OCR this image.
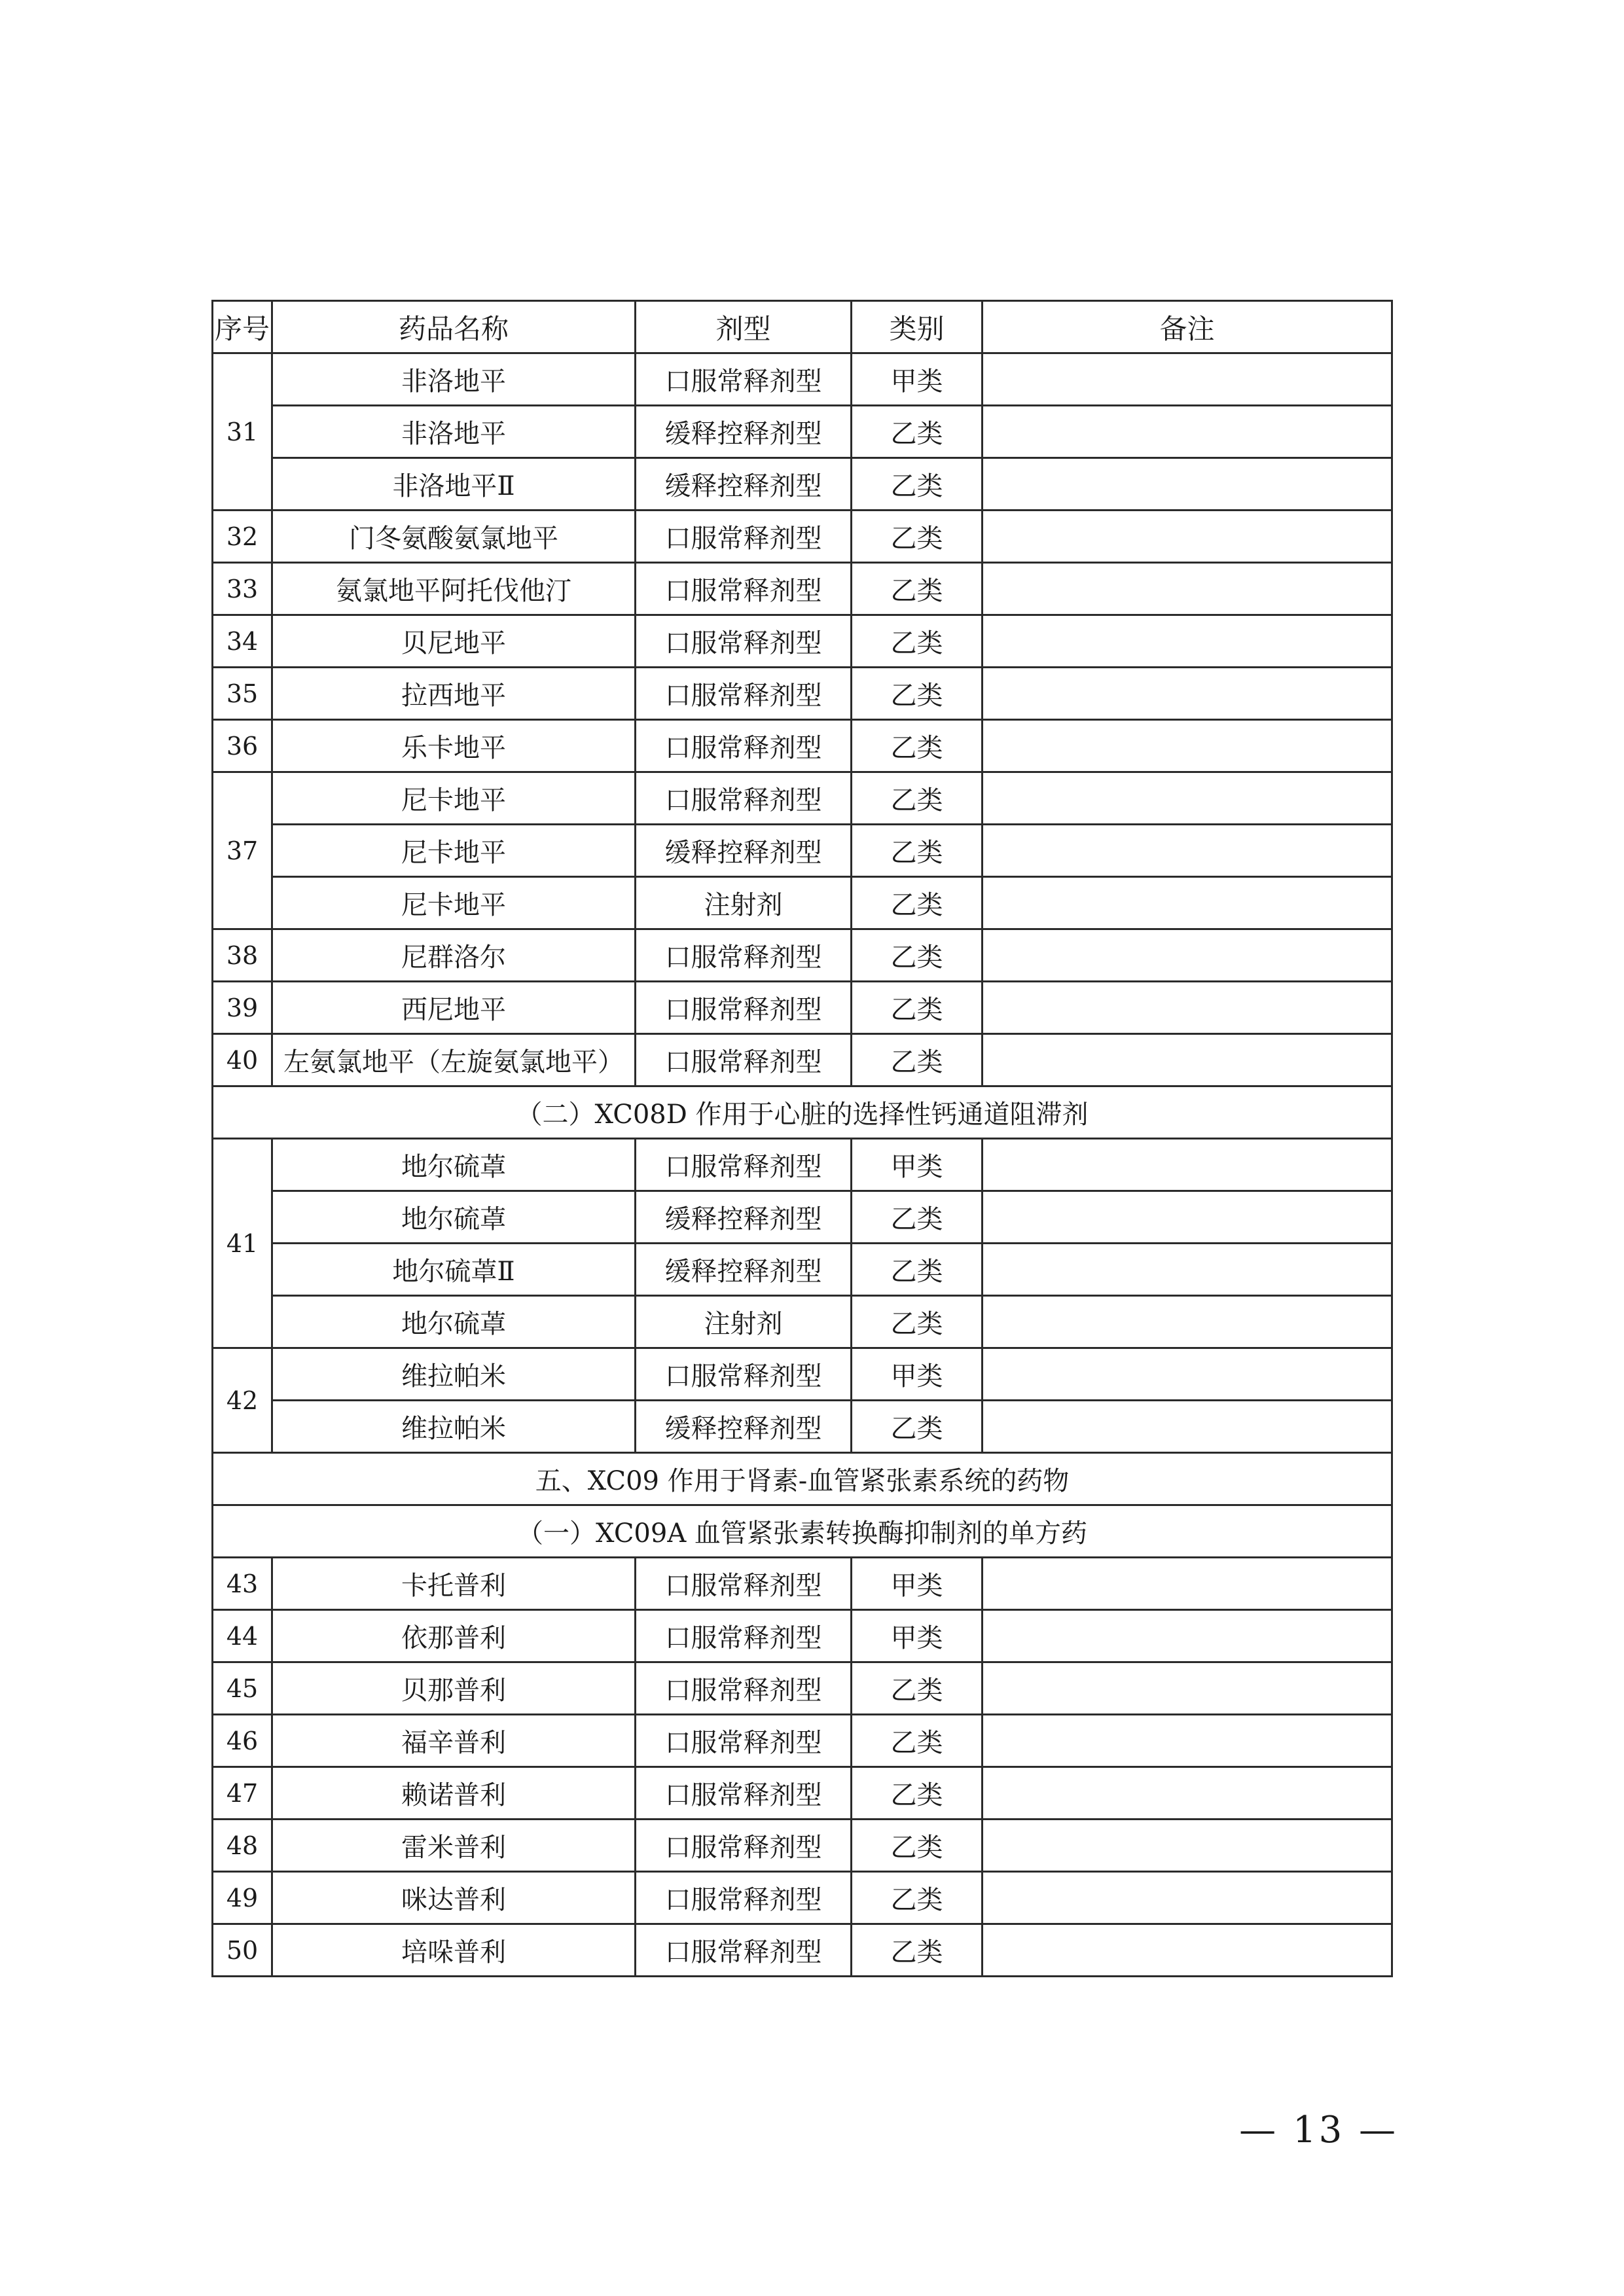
序号	药品名称	剂型	类别	备注
31	非洛地平	口服常释剂型	甲类	
	非洛地平	缓释控释剂型	乙类	
	非洛地平Ⅱ	缓释控释剂型	乙类	
32	门冬氨酸氨氯地平	口服常释剂型	乙类	
33	氨氯地平阿托伐他汀	口服常释剂型	乙类	
34	贝尼地平	口服常释剂型	乙类	
35	拉西地平	口服常释剂型	乙类	
36	乐卡地平	口服常释剂型	乙类	
37	尼卡地平	口服常释剂型	乙类	
	尼卡地平	缓释控释剂型	乙类	
	尼卡地平	注射剂	乙类	
38	尼群洛尔	口服常释剂型	乙类	
39	西尼地平	口服常释剂型	乙类	
40	左氨氯地平（左旋氨氯地平）	口服常释剂型	乙类	
（二）XC08D 作用于心脏的选择性钙通道阻滞剂				
41	地尔硫䓬	口服常释剂型	甲类	
	地尔硫䓬	缓释控释剂型	乙类	
	地尔硫䓬Ⅱ	缓释控释剂型	乙类	
	地尔硫䓬	注射剂	乙类	
42	维拉帕米	口服常释剂型	甲类	
	维拉帕米	缓释控释剂型	乙类	
五、XC09 作用于肾素-血管紧张素系统的药物				
（一）XC09A 血管紧张素转换酶抑制剂的单方药				
43	卡托普利	口服常释剂型	甲类	
44	依那普利	口服常释剂型	甲类	
45	贝那普利	口服常释剂型	乙类	
46	福辛普利	口服常释剂型	乙类	
47	赖诺普利	口服常释剂型	乙类	
48	雷米普利	口服常释剂型	乙类	
49	咪达普利	口服常释剂型	乙类	
50	培哚普利	口服常释剂型	乙类	
— 13 —
